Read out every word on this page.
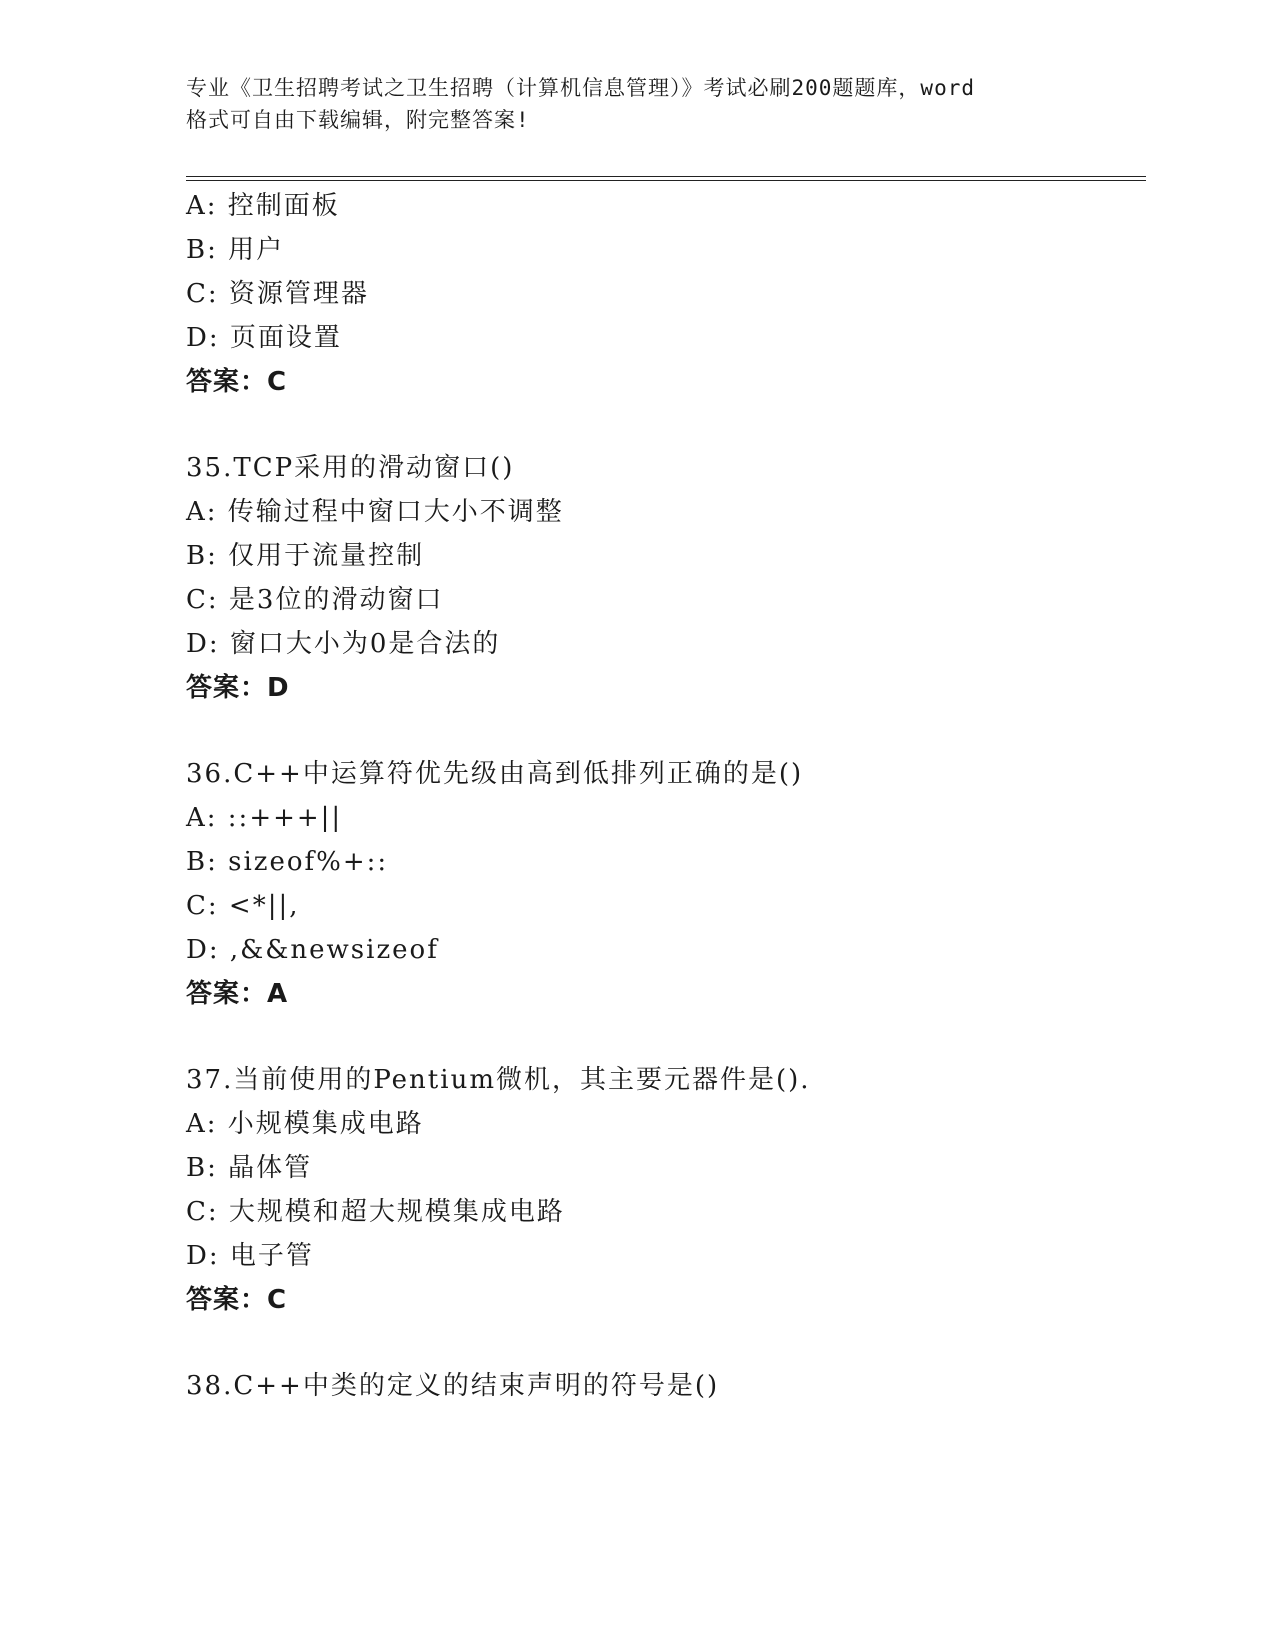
专业《卫生招聘考试之卫生招聘（计算机信息管理）》考试必刷200题题库，word
格式可自由下载编辑，附完整答案!
A: 控制面板
B: 用户
C: 资源管理器
D: 页面设置
答案：C
35.TCP采用的滑动窗口()
A: 传输过程中窗口大小不调整
B: 仅用于流量控制
C: 是3位的滑动窗口
D: 窗口大小为0是合法的
答案：D
36.C++中运算符优先级由高到低排列正确的是()
A: ::+++||
B: sizeof%+::
C: <*||,
D: ,&&newsizeof
答案：A
37.当前使用的Pentium微机，其主要元器件是().
A: 小规模集成电路
B: 晶体管
C: 大规模和超大规模集成电路
D: 电子管
答案：C
38.C++中类的定义的结束声明的符号是()
